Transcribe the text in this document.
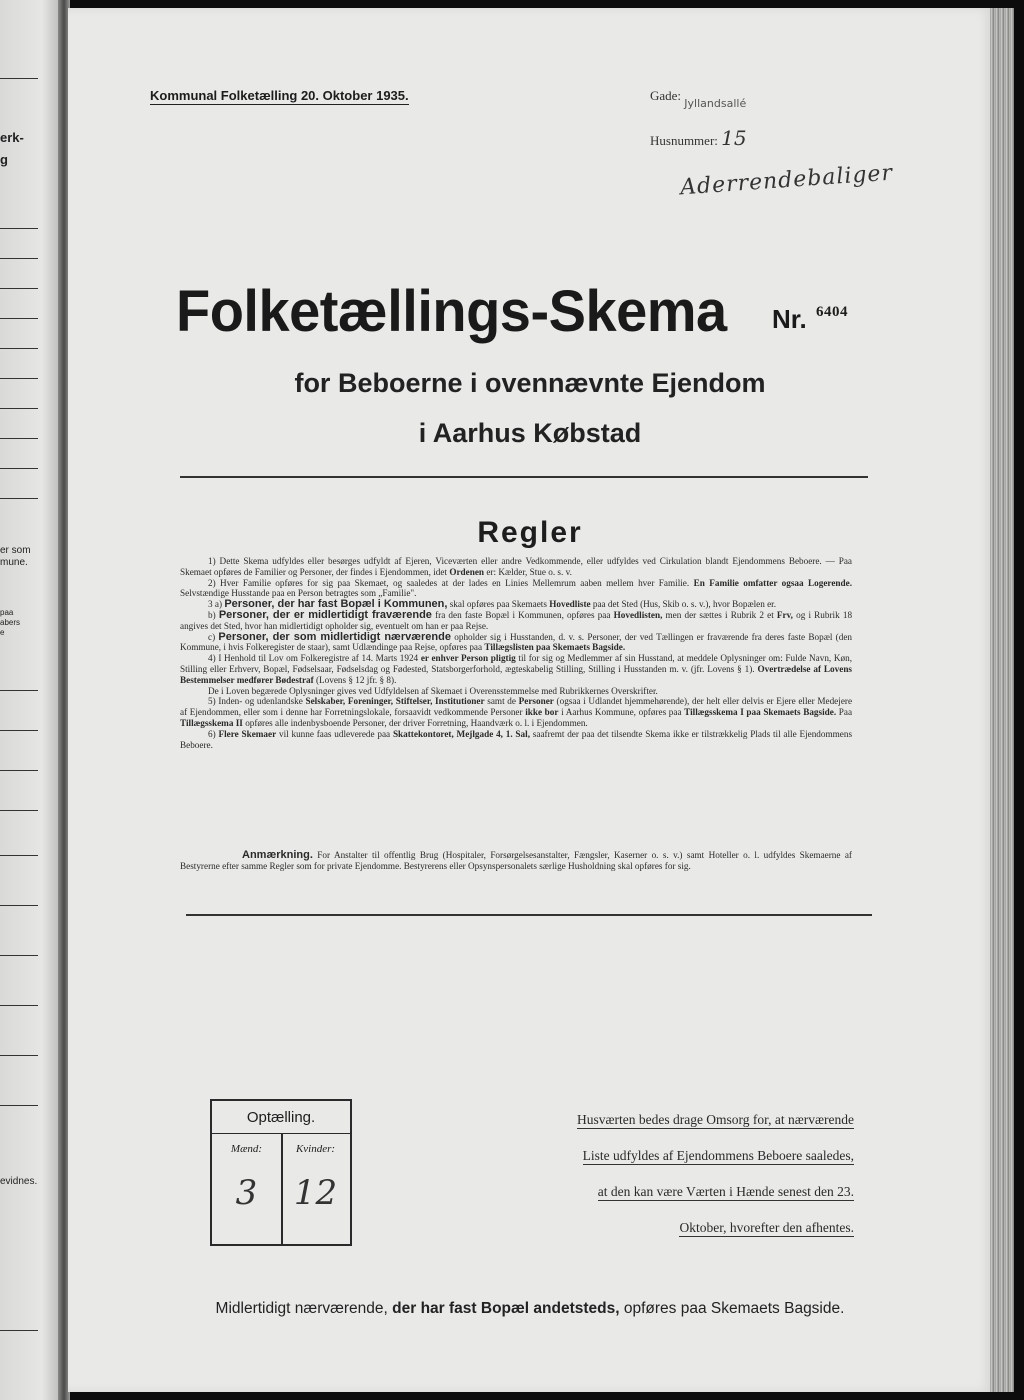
erk-
g
er som
mune.
paa
abers
e
evidnes.
Kommunal Folketælling 20. Oktober 1935.	Gade: $_{Jyllandsallé}$
Husnummer: 15
Aderrendebaliger
Folketællings-Skema Nr. 6404
for Beboerne i ovennævnte Ejendom
i Aarhus Købstad
Regler

1) Dette Skema udfyldes eller besørges udfyldt af Ejeren, Viceværten eller andre Vedkommende, eller udfyldes ved Cirkulation blandt Ejendommens Beboere. — Paa Skemaet opføres de Familier og Personer, der findes i Ejendommen, idet Ordenen er: Kælder, Stue o. s. v.

2) Hver Familie opføres for sig paa Skemaet, og saaledes at der lades en Linies Mellemrum aaben mellem hver Familie. En Familie omfatter ogsaa Logerende. Selvstændige Husstande paa en Person betragtes som „Familie".

3 a) Personer, der har fast Bopæl i Kommunen, skal opføres paa Skemaets Hovedliste paa det Sted (Hus, Skib o. s. v.), hvor Bopælen er.

b) Personer, der er midlertidigt fraværende fra den faste Bopæl i Kommunen, opføres paa Hovedlisten, men der sættes i Rubrik 2 et Frv, og i Rubrik 18 angives det Sted, hvor han midlertidigt opholder sig, eventuelt om han er paa Rejse.

c) Personer, der som midlertidigt nærværende opholder sig i Husstanden, d. v. s. Personer, der ved Tællingen er fraværende fra deres faste Bopæl (den Kommune, i hvis Folkeregister de staar), samt Udlændinge paa Rejse, opføres paa Tillægslisten paa Skemaets Bagside.

4) I Henhold til Lov om Folkeregistre af 14. Marts 1924 er enhver Person pligtig til for sig og Medlemmer af sin Husstand, at meddele Oplysninger om: Fulde Navn, Køn, Stilling eller Erhverv, Bopæl, Fødselsaar, Fødselsdag og Fødested, Statsborgerforhold, ægteskabelig Stilling, Stilling i Husstanden m. v. (jfr. Lovens § 1). Overtrædelse af Lovens Bestemmelser medfører Bødestraf (Lovens § 12 jfr. § 8).

De i Loven begærede Oplysninger gives ved Udfyldelsen af Skemaet i Overensstemmelse med Rubrikkernes Overskrifter.

5) Inden- og udenlandske Selskaber, Foreninger, Stiftelser, Institutioner samt de Personer (ogsaa i Udlandet hjemmehørende), der helt eller delvis er Ejere eller Medejere af Ejendommen, eller som i denne har Forretningslokale, forsaavidt vedkommende Personer ikke bor i Aarhus Kommune, opføres paa Tillægsskema I paa Skemaets Bagside. Paa Tillægsskema II opføres alle indenbysboende Personer, der driver Forretning, Haandværk o. l. i Ejendommen.

6) Flere Skemaer vil kunne faas udleverede paa Skattekontoret, Mejlgade 4, 1. Sal, saafremt der paa det tilsendte Skema ikke er tilstrækkelig Plads til alle Ejendommens Beboere.

Anmærkning. For Anstalter til offentlig Brug (Hospitaler, Forsørgelsesanstalter, Fængsler, Kaserner o. s. v.) samt Hoteller o. l. udfyldes Skemaerne af Bestyrerne efter samme Regler som for private Ejendomme. Bestyrerens eller Opsynspersonalets særlige Husholdning skal opføres for sig.

Optælling.
Mænd:	Kvinder:
3	12
Husværten bedes drage Omsorg for, at nærværende
Liste udfyldes af Ejendommens Beboere saaledes,
at den kan være Værten i Hænde senest den 23.
Oktober, hvorefter den afhentes.
Midlertidigt nærværende, der har fast Bopæl andetsteds, opføres paa Skemaets Bagside.
